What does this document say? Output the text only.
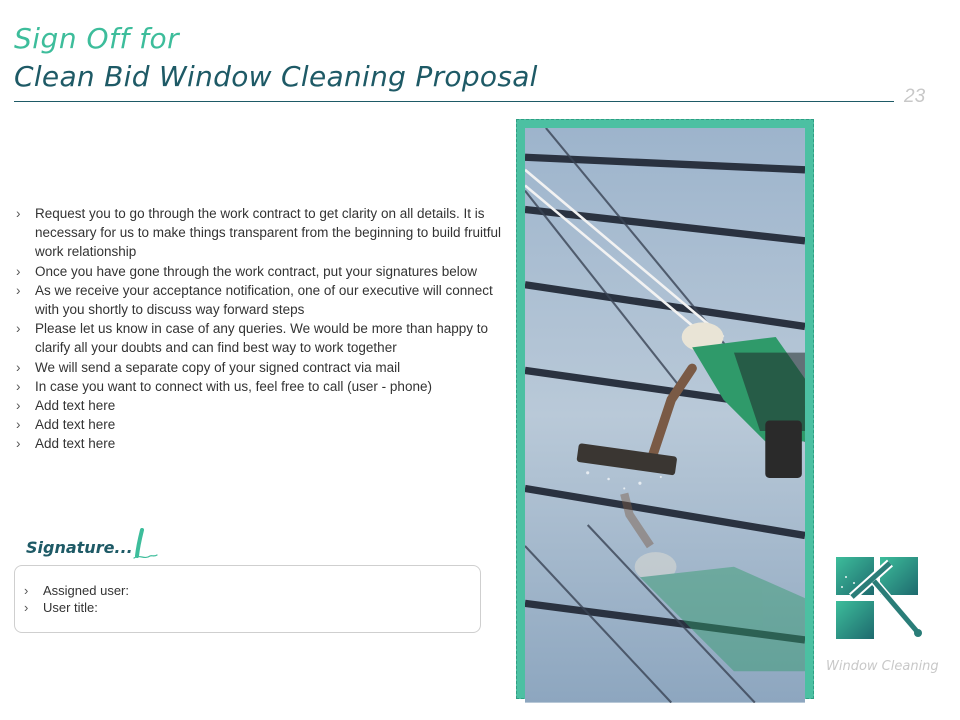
Sign Off for
Clean Bid Window Cleaning Proposal
23
› Request you to go through the work contract to get clarity on all details. It is necessary for us to make things transparent from the beginning to build fruitful work relationship
› Once you have gone through the work contract, put your signatures below
› As we receive your acceptance notification, one of our executive will connect with you shortly to discuss way forward steps
› Please let us know in case of any queries. We would be more than happy to clarify all your doubts and can find best way to work together
› We will send a separate copy of your signed contract via mail
› In case you want to connect with us, feel free to call (user - phone)
› Add text here
› Add text here
› Add text here
Signature...
› Assigned user:
› User title:
Window Cleaning
